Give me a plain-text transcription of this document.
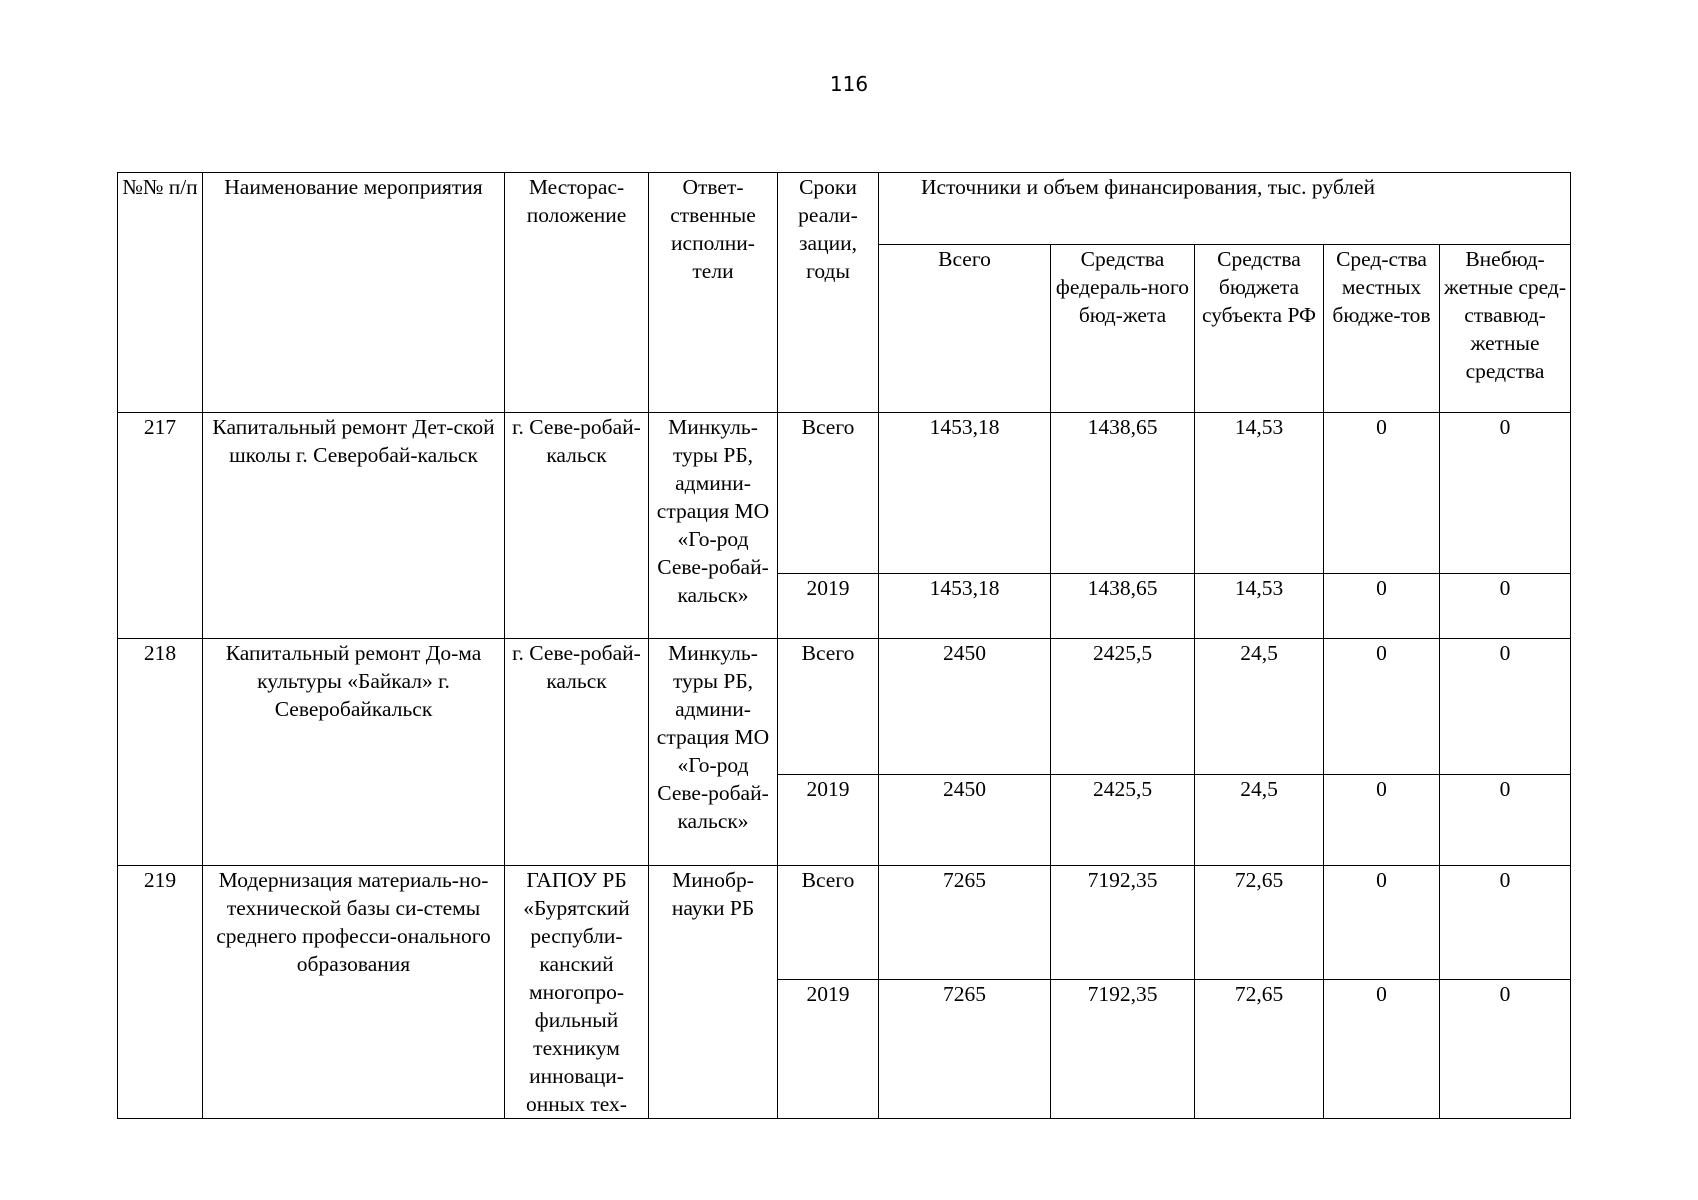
116
№№ п/п	Наименование мероприятия	Месторас-положение	Ответ-ственные исполни-тели	Сроки реали-зации, годы	Источники и объем финансирования, тыс. рублей				
					Всего	Средства федераль-ного бюд-жета	Средства бюджета субъекта РФ	Сред-ства местных бюдже-тов	Внебюд-жетные сред-ствавюд-жетные средства
217	Капитальный ремонт Дет-ской школы г. Северобай-кальск	г. Севе-робай-кальск	Минкуль-туры РБ, админи-страция МО «Го-род Севе-робай-кальск»	Всего	1453,18	1438,65	14,53	0	0
				2019	1453,18	1438,65	14,53	0	0
218	Капитальный ремонт До-ма культуры «Байкал» г. Северобайкальск	г. Севе-робай-кальск	Минкуль-туры РБ, админи-страция МО «Го-род Севе-робай-кальск»	Всего	2450	2425,5	24,5	0	0
				2019	2450	2425,5	24,5	0	0
219	Модернизация материаль-но-технической базы си-стемы среднего професси-онального образования	ГАПОУ РБ «Бурятский республи-канский многопро-фильный техникум инноваци-онных тех-	Минобр-науки РБ	Всего	7265	7192,35	72,65	0	0
				2019	7265	7192,35	72,65	0	0
